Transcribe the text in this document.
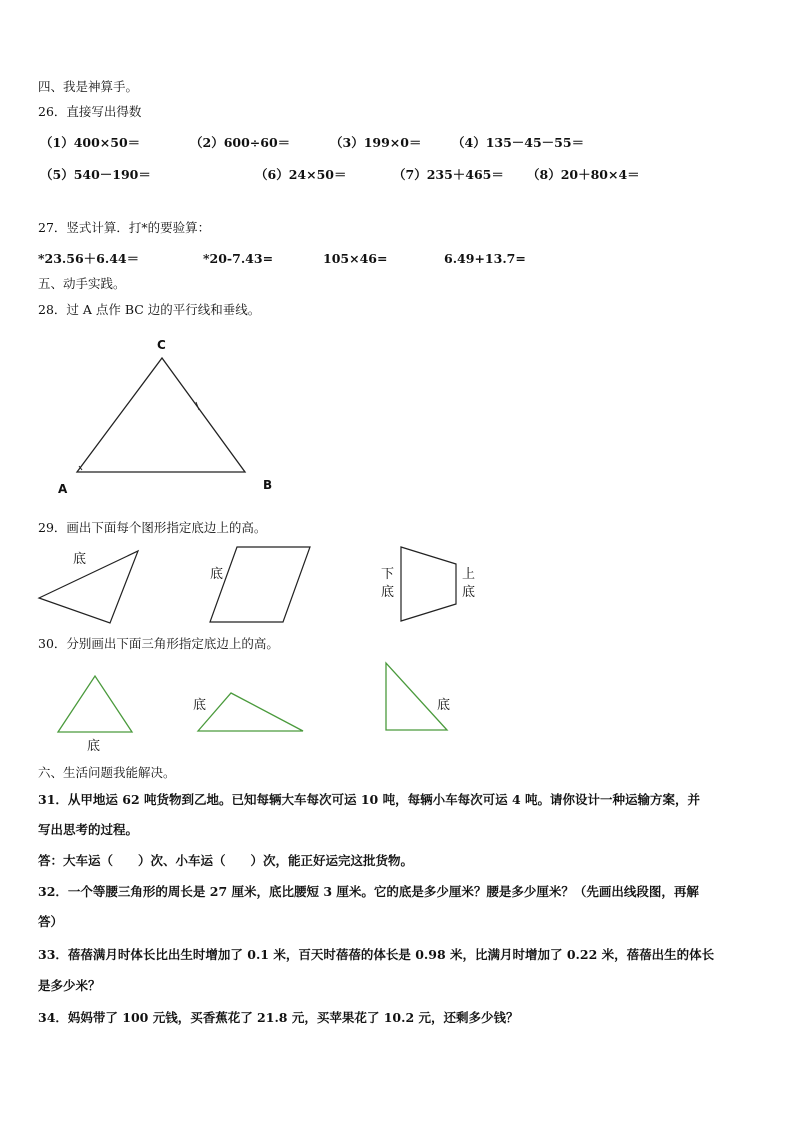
四、我是神算手。
26．直接写出得数
（1）400×50＝	（2）600÷60＝	（3）199×0＝ （4）135－45－55＝
（5）540－190＝	（6）24×50＝	（7）235＋465＝ （8）20＋80×4＝
27．竖式计算．打*的要验算：
*23.56＋6.44＝	*20-7.43=	105×46=	6.49+13.7=
五、动手实践。
28．过 A 点作 BC 边的平行线和垂线。
C
A	B
29．画出下面每个图形指定底边上的高。
底
底	下
底
上
底
30．分别画出下面三角形指定底边上的高。
底
底	底
六、生活问题我能解决。
31．从甲地运 62 吨货物到乙地。已知每辆大车每次可运 10 吨，每辆小车每次可运 4 吨。请你设计一种运输方案，并
写出思考的过程。
答：大车运（　　）次、小车运（　　）次，能正好运完这批货物。
32．一个等腰三角形的周长是 27 厘米，底比腰短 3 厘米。它的底是多少厘米？腰是多少厘米？（先画出线段图，再解
答）
33．蓓蓓满月时体长比出生时增加了 0.1 米，百天时蓓蓓的体长是 0.98 米，比满月时增加了 0.22 米，蓓蓓出生的体长
是多少米？
34．妈妈带了 100 元钱，买香蕉花了 21.8 元，买苹果花了 10.2 元，还剩多少钱？
